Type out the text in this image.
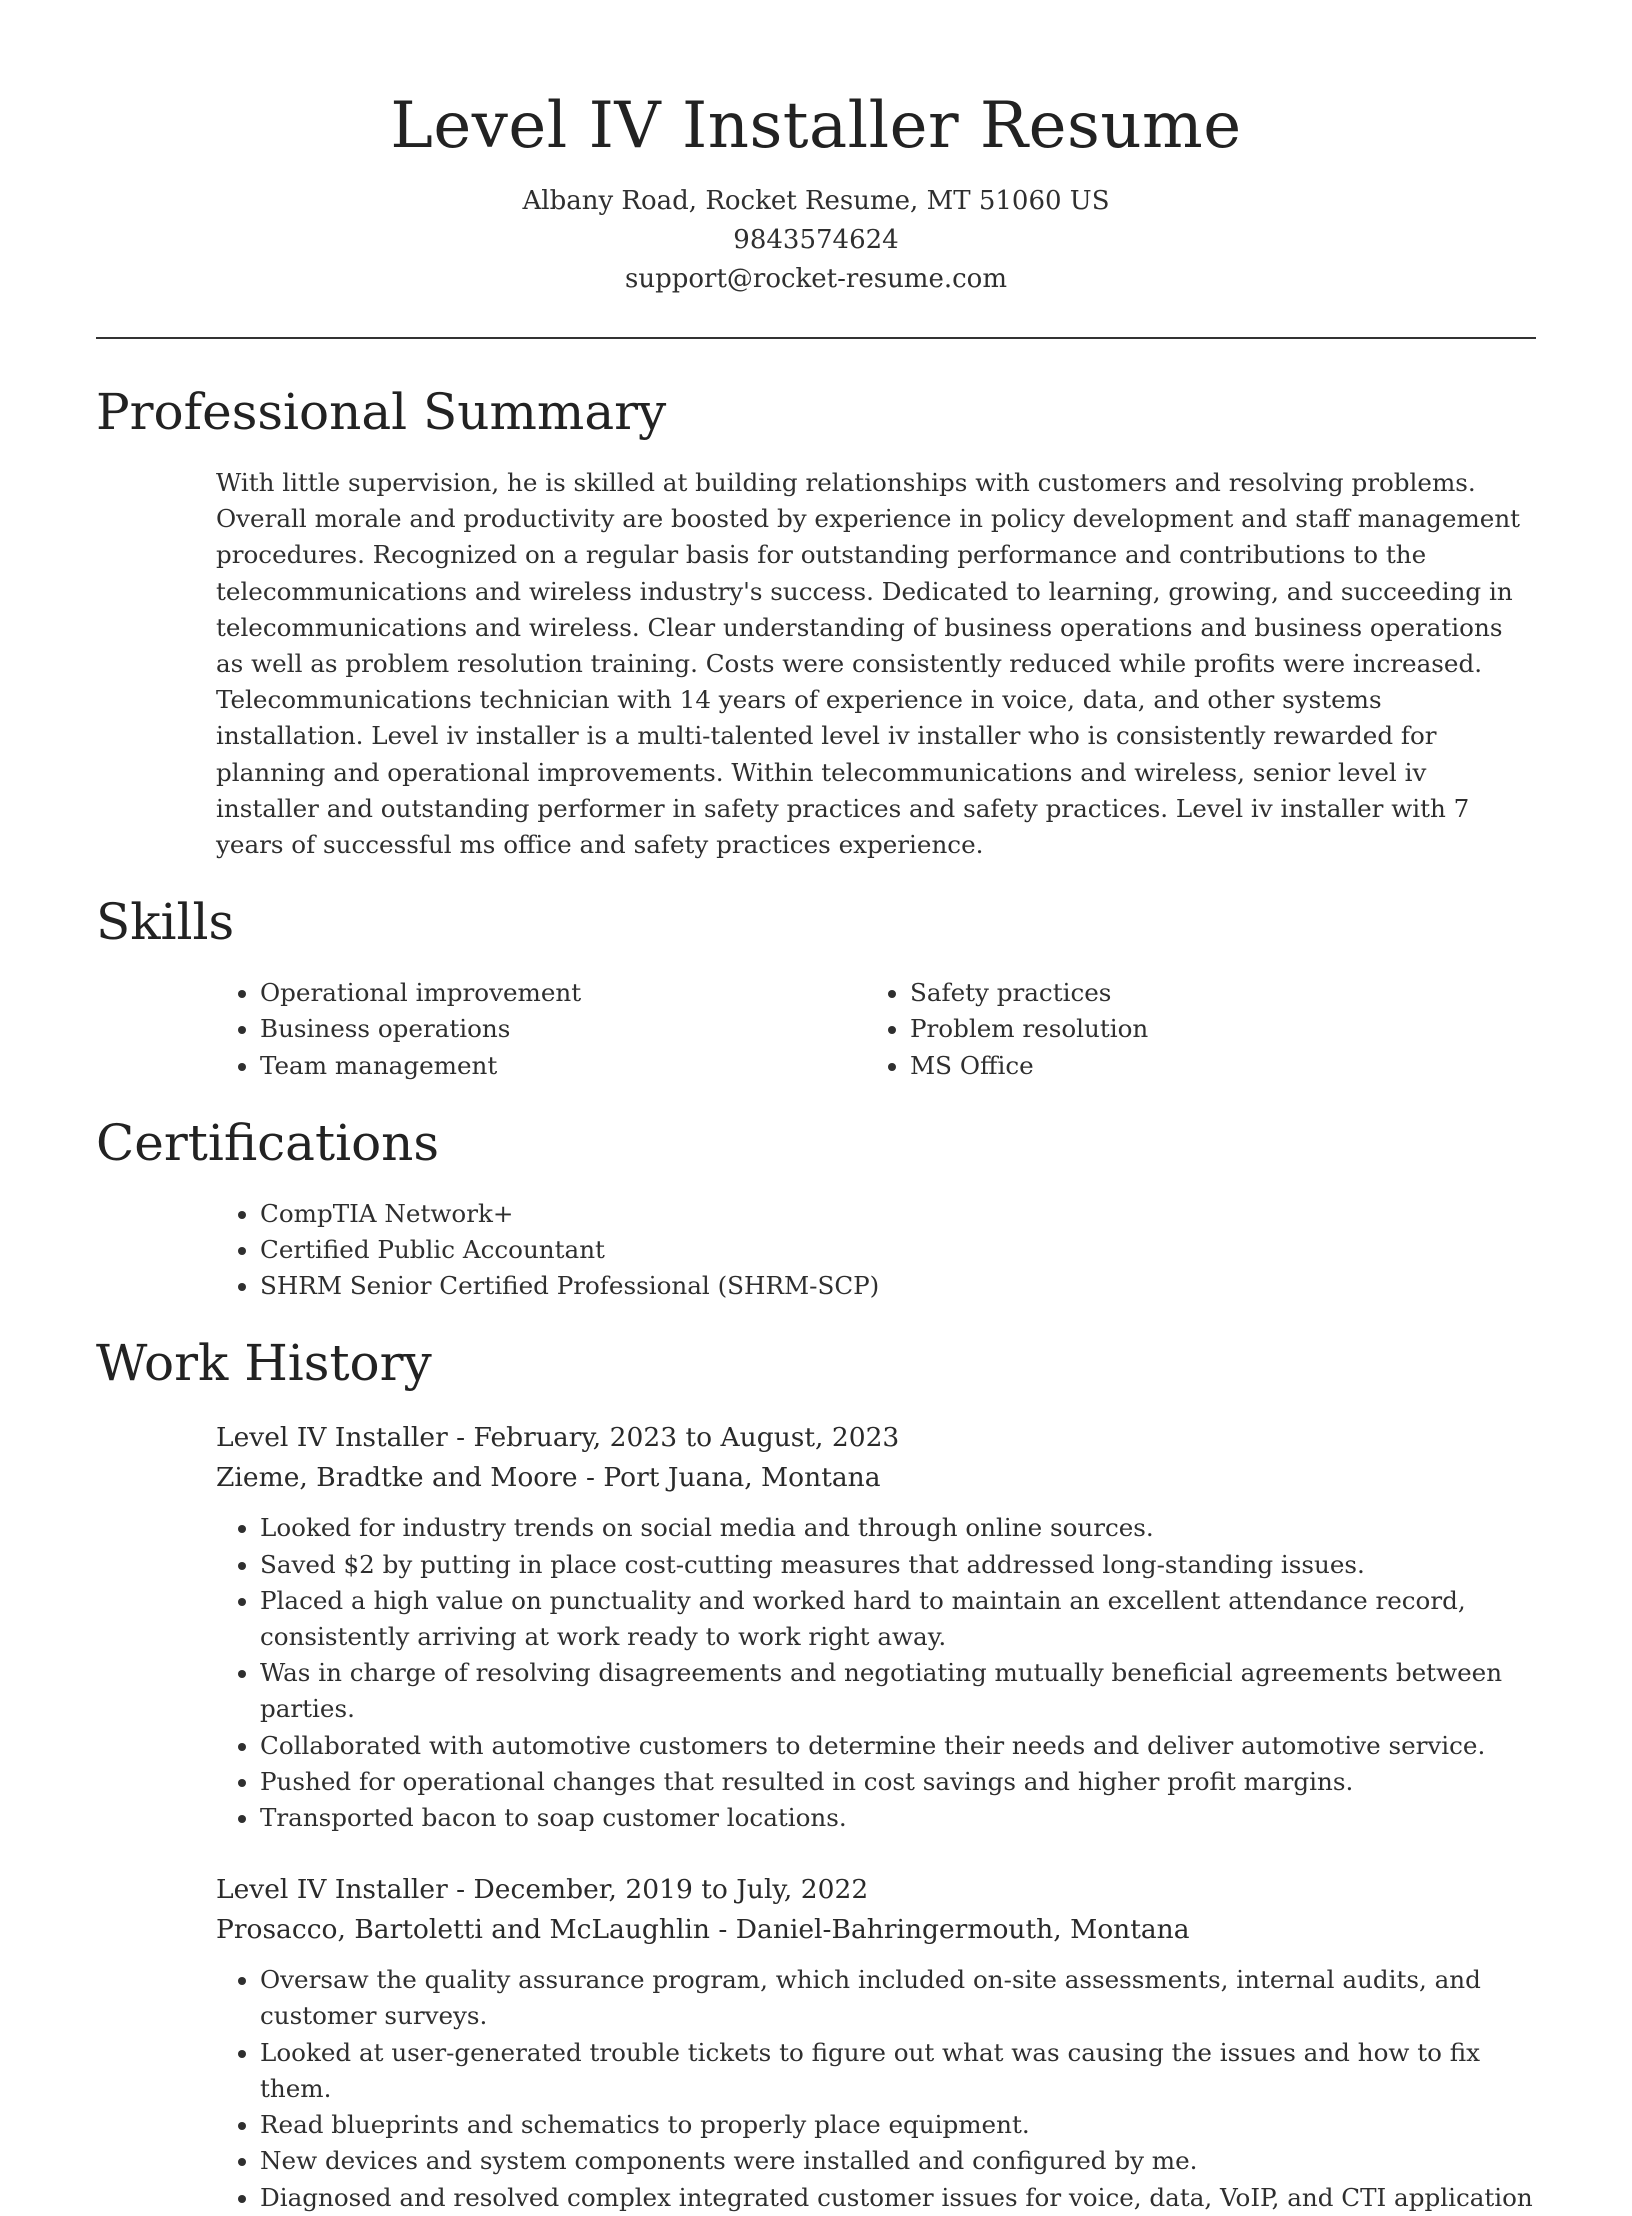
Level IV Installer Resume

Albany Road, Rocket Resume, MT 51060 US

9843574624

support@rocket-resume.com

Professional Summary

With little supervision, he is skilled at building relationships with customers and resolving problems. Overall morale and productivity are boosted by experience in policy development and staff management procedures. Recognized on a regular basis for outstanding performance and contributions to the telecommunications and wireless industry's success. Dedicated to learning, growing, and succeeding in telecommunications and wireless. Clear understanding of business operations and business operations as well as problem resolution training. Costs were consistently reduced while profits were increased. Telecommunications technician with 14 years of experience in voice, data, and other systems installation. Level iv installer is a multi-talented level iv installer who is consistently rewarded for planning and operational improvements. Within telecommunications and wireless, senior level iv installer and outstanding performer in safety practices and safety practices. Level iv installer with 7 years of successful ms office and safety practices experience.

Skills
• Operational improvement
• Business operations
• Team management
• Safety practices
• Problem resolution
• MS Office
Certifications
• CompTIA Network+
• Certified Public Accountant
• SHRM Senior Certified Professional (SHRM-SCP)
Work History

Level IV Installer - February, 2023 to August, 2023

Zieme, Bradtke and Moore - Port Juana, Montana

• Looked for industry trends on social media and through online sources.
• Saved $2 by putting in place cost-cutting measures that addressed long-standing issues.
• Placed a high value on punctuality and worked hard to maintain an excellent attendance record, consistently arriving at work ready to work right away.
• Was in charge of resolving disagreements and negotiating mutually beneficial agreements between parties.
• Collaborated with automotive customers to determine their needs and deliver automotive service.
• Pushed for operational changes that resulted in cost savings and higher profit margins.
• Transported bacon to soap customer locations.

Level IV Installer - December, 2019 to July, 2022

Prosacco, Bartoletti and McLaughlin - Daniel-Bahringermouth, Montana

• Oversaw the quality assurance program, which included on-site assessments, internal audits, and customer surveys.
• Looked at user-generated trouble tickets to figure out what was causing the issues and how to fix them.
• Read blueprints and schematics to properly place equipment.
• New devices and system components were installed and configured by me.
• Diagnosed and resolved complex integrated customer issues for voice, data, VoIP, and CTI application
